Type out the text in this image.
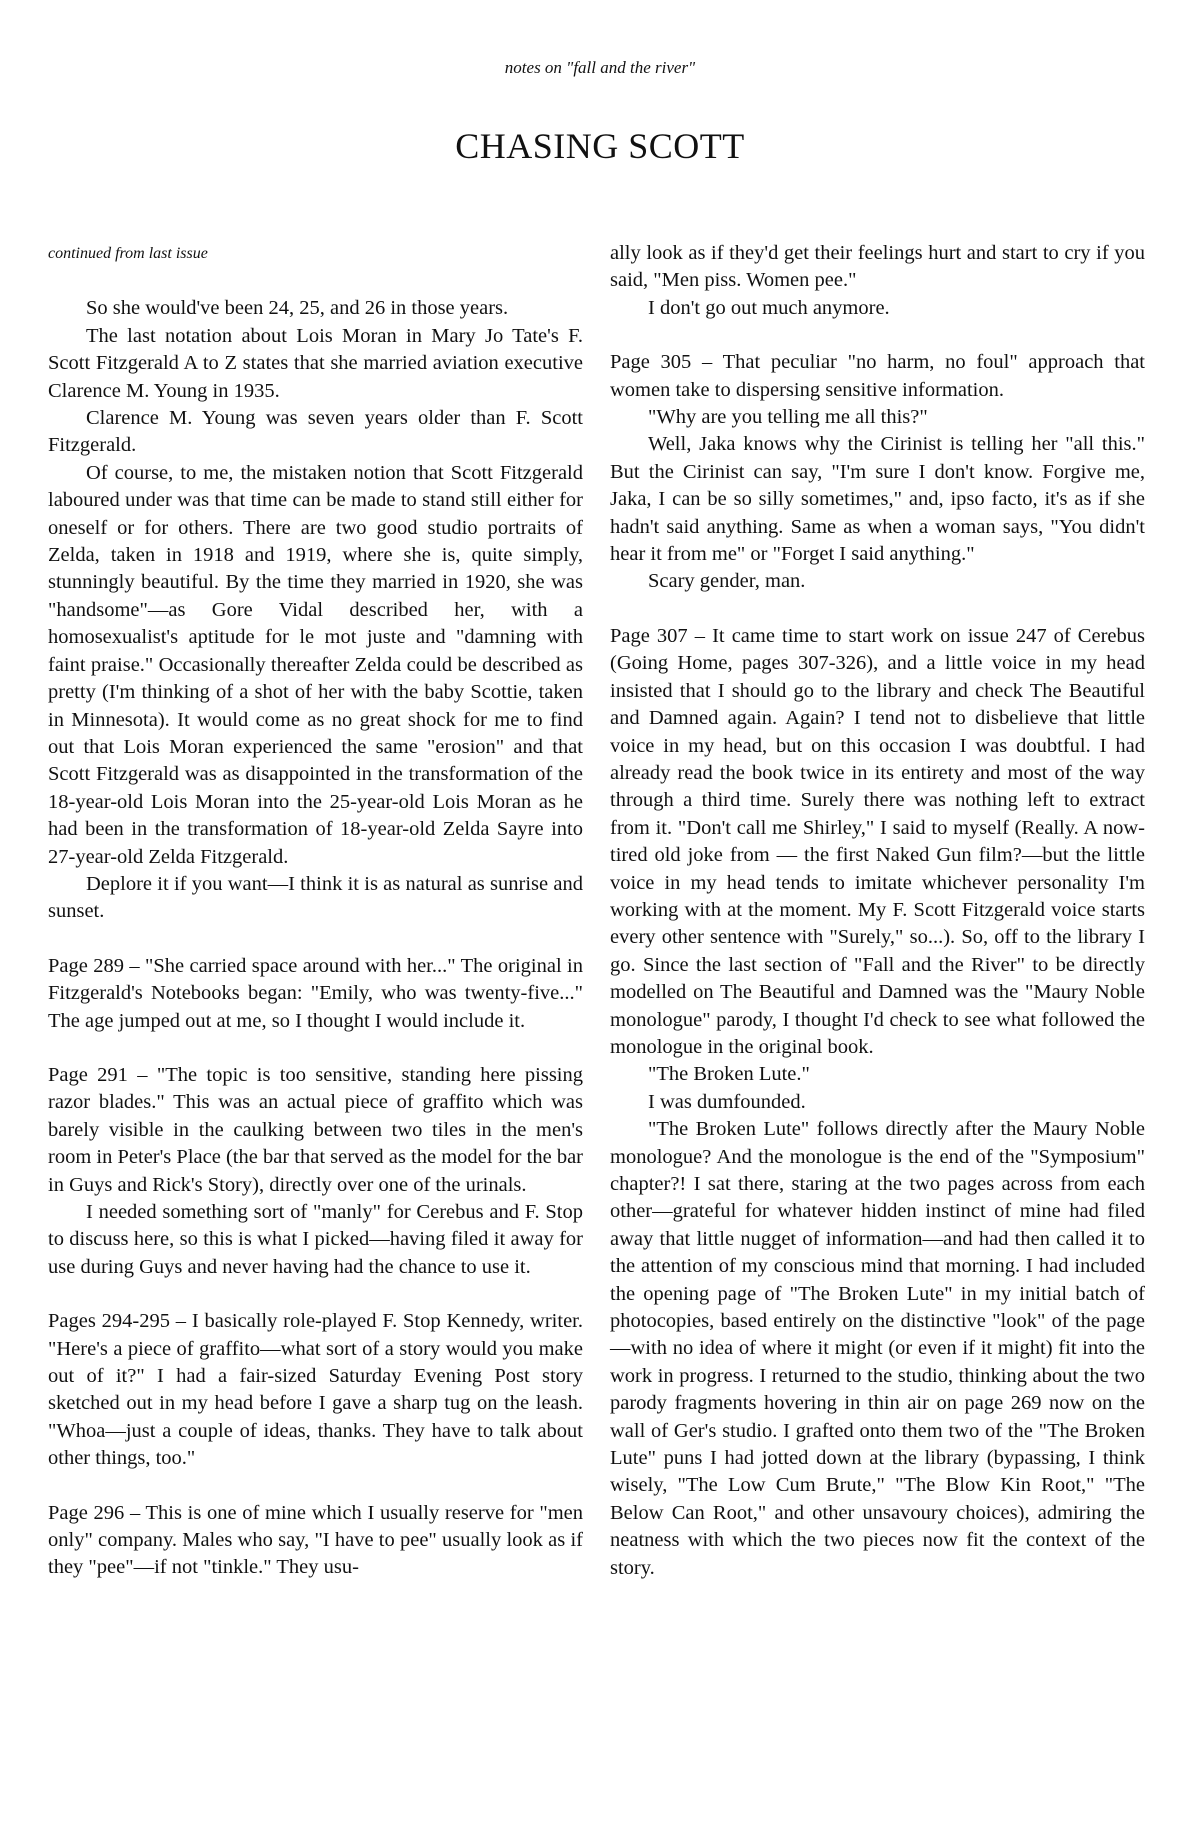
notes on "fall and the river"
CHASING SCOTT
continued from last issue

So she would've been 24, 25, and 26 in those years.

The last notation about Lois Moran in Mary Jo Tate's F. Scott Fitzgerald A to Z states that she married aviation executive Clarence M. Young in 1935.

Clarence M. Young was seven years older than F. Scott Fitzgerald.

Of course, to me, the mistaken notion that Scott Fitzgerald laboured under was that time can be made to stand still either for oneself or for others. There are two good studio portraits of Zelda, taken in 1918 and 1919, where she is, quite simply, stunningly beautiful. By the time they married in 1920, she was "handsome"—as Gore Vidal described her, with a homosexualist's aptitude for le mot juste and "damning with faint praise." Occasionally thereafter Zelda could be described as pretty (I'm thinking of a shot of her with the baby Scottie, taken in Minnesota). It would come as no great shock for me to find out that Lois Moran experienced the same "erosion" and that Scott Fitzgerald was as disappointed in the transformation of the 18-year-old Lois Moran into the 25-year-old Lois Moran as he had been in the transformation of 18-year-old Zelda Sayre into 27-year-old Zelda Fitzgerald.

Deplore it if you want—I think it is as natural as sunrise and sunset.

Page 289 – "She carried space around with her..." The original in Fitzgerald's Notebooks began: "Emily, who was twenty-five..." The age jumped out at me, so I thought I would include it.

Page 291 – "The topic is too sensitive, standing here pissing razor blades." This was an actual piece of graffito which was barely visible in the caulking between two tiles in the men's room in Peter's Place (the bar that served as the model for the bar in Guys and Rick's Story), directly over one of the urinals.

I needed something sort of "manly" for Cerebus and F. Stop to discuss here, so this is what I picked—having filed it away for use during Guys and never having had the chance to use it.

Pages 294-295 – I basically role-played F. Stop Kennedy, writer. "Here's a piece of graffito—what sort of a story would you make out of it?" I had a fair-sized Saturday Evening Post story sketched out in my head before I gave a sharp tug on the leash. "Whoa—just a couple of ideas, thanks. They have to talk about other things, too."

Page 296 – This is one of mine which I usually reserve for "men only" company. Males who say, "I have to pee" usually look as if they "pee"—if not "tinkle." They usu-

ally look as if they'd get their feelings hurt and start to cry if you said, "Men piss. Women pee."

I don't go out much anymore.

Page 305 – That peculiar "no harm, no foul" approach that women take to dispersing sensitive information.

"Why are you telling me all this?"

Well, Jaka knows why the Cirinist is telling her "all this." But the Cirinist can say, "I'm sure I don't know. Forgive me, Jaka, I can be so silly sometimes," and, ipso facto, it's as if she hadn't said anything. Same as when a woman says, "You didn't hear it from me" or "Forget I said anything."

Scary gender, man.

Page 307 – It came time to start work on issue 247 of Cerebus (Going Home, pages 307-326), and a little voice in my head insisted that I should go to the library and check The Beautiful and Damned again. Again? I tend not to disbelieve that little voice in my head, but on this occasion I was doubtful. I had already read the book twice in its entirety and most of the way through a third time. Surely there was nothing left to extract from it. "Don't call me Shirley," I said to myself (Really. A now-tired old joke from — the first Naked Gun film?—but the little voice in my head tends to imitate whichever personality I'm working with at the moment. My F. Scott Fitzgerald voice starts every other sentence with "Surely," so...). So, off to the library I go. Since the last section of "Fall and the River" to be directly modelled on The Beautiful and Damned was the "Maury Noble monologue" parody, I thought I'd check to see what followed the monologue in the original book.

"The Broken Lute."

I was dumfounded.

"The Broken Lute" follows directly after the Maury Noble monologue? And the monologue is the end of the "Symposium" chapter?! I sat there, staring at the two pages across from each other—grateful for whatever hidden instinct of mine had filed away that little nugget of information—and had then called it to the attention of my conscious mind that morning. I had included the opening page of "The Broken Lute" in my initial batch of photocopies, based entirely on the distinctive "look" of the page—with no idea of where it might (or even if it might) fit into the work in progress. I returned to the studio, thinking about the two parody fragments hovering in thin air on page 269 now on the wall of Ger's studio. I grafted onto them two of the "The Broken Lute" puns I had jotted down at the library (bypassing, I think wisely, "The Low Cum Brute," "The Blow Kin Root," "The Below Can Root," and other unsavoury choices), admiring the neatness with which the two pieces now fit the context of the story.
